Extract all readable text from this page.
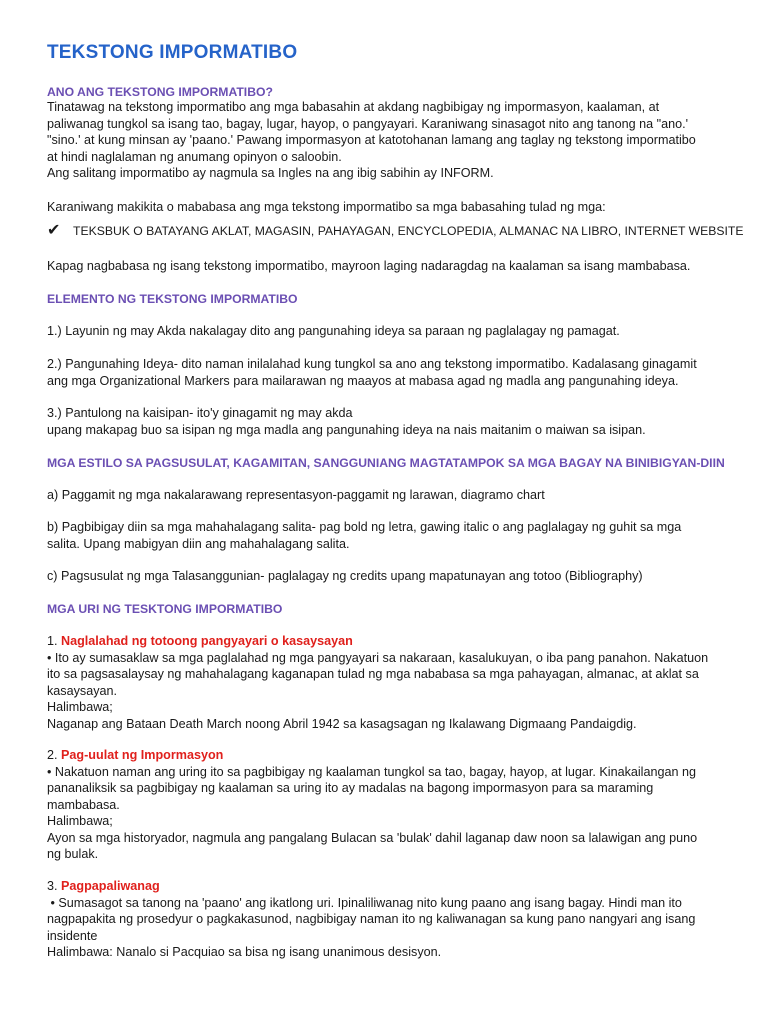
TEKSTONG IMPORMATIBO
ANO ANG TEKSTONG IMPORMATIBO?
Tinatawag na tekstong impormatibo ang mga babasahin at akdang nagbibigay ng impormasyon, kaalaman, at
paliwanag tungkol sa isang tao, bagay, lugar, hayop, o pangyayari. Karaniwang sinasagot nito ang tanong na "ano.'
"sino.' at kung minsan ay 'paano.' Pawang impormasyon at katotohanan lamang ang taglay ng tekstong impormatibo
at hindi naglalaman ng anumang opinyon o saloobin.
Ang salitang impormatibo ay nagmula sa Ingles na ang ibig sabihin ay INFORM.
Karaniwang makikita o mababasa ang mga tekstong impormatibo sa mga babasahing tulad ng mga:
✔ TEKSBUK O BATAYANG AKLAT, MAGASIN, PAHAYAGAN, ENCYCLOPEDIA, ALMANAC NA LIBRO, INTERNET WEBSITE
Kapag nagbabasa ng isang tekstong impormatibo, mayroon laging nadaragdag na kaalaman sa isang mambabasa.
ELEMENTO NG TEKSTONG IMPORMATIBO
1.) Layunin ng may Akda nakalagay dito ang pangunahing ideya sa paraan ng paglalagay ng pamagat.
2.) Pangunahing Ideya- dito naman inilalahad kung tungkol sa ano ang tekstong impormatibo. Kadalasang ginagamit
ang mga Organizational Markers para mailarawan ng maayos at mabasa agad ng madla ang pangunahing ideya.
3.) Pantulong na kaisipan- ito'y ginagamit ng may akda
upang makapag buo sa isipan ng mga madla ang pangunahing ideya na nais maitanim o maiwan sa isipan.
MGA ESTILO SA PAGSUSULAT, KAGAMITAN, SANGGUNIANG MAGTATAMPOK SA MGA BAGAY NA BINIBIGYAN-DIIN
a) Paggamit ng mga nakalarawang representasyon-paggamit ng larawan, diagramo chart
b) Pagbibigay diin sa mga mahahalagang salita- pag bold ng letra, gawing italic o ang paglalagay ng guhit sa mga
salita. Upang mabigyan diin ang mahahalagang salita.
c) Pagsusulat ng mga Talasanggunian- paglalagay ng credits upang mapatunayan ang totoo (Bibliography)
MGA URI NG TESKTONG IMPORMATIBO
1. Naglalahad ng totoong pangyayari o kasaysayan
• Ito ay sumasaklaw sa mga paglalahad ng mga pangyayari sa nakaraan, kasalukuyan, o iba pang panahon. Nakatuon
ito sa pagsasalaysay ng mahahalagang kaganapan tulad ng mga nababasa sa mga pahayagan, almanac, at aklat sa
kasaysayan.
Halimbawa;
Naganap ang Bataan Death March noong Abril 1942 sa kasagsagan ng Ikalawang Digmaang Pandaigdig.
2. Pag-uulat ng Impormasyon
• Nakatuon naman ang uring ito sa pagbibigay ng kaalaman tungkol sa tao, bagay, hayop, at lugar. Kinakailangan ng
pananaliksik sa pagbibigay ng kaalaman sa uring ito ay madalas na bagong impormasyon para sa maraming
mambabasa.
Halimbawa;
Ayon sa mga historyador, nagmula ang pangalang Bulacan sa 'bulak' dahil laganap daw noon sa lalawigan ang puno
ng bulak.
3. Pagpapaliwanag
• Sumasagot sa tanong na 'paano' ang ikatlong uri. Ipinaliliwanag nito kung paano ang isang bagay. Hindi man ito
nagpapakita ng prosedyur o pagkakasunod, nagbibigay naman ito ng kaliwanagan sa kung pano nangyari ang isang
insidente
Halimbawa: Nanalo si Pacquiao sa bisa ng isang unanimous desisyon.
